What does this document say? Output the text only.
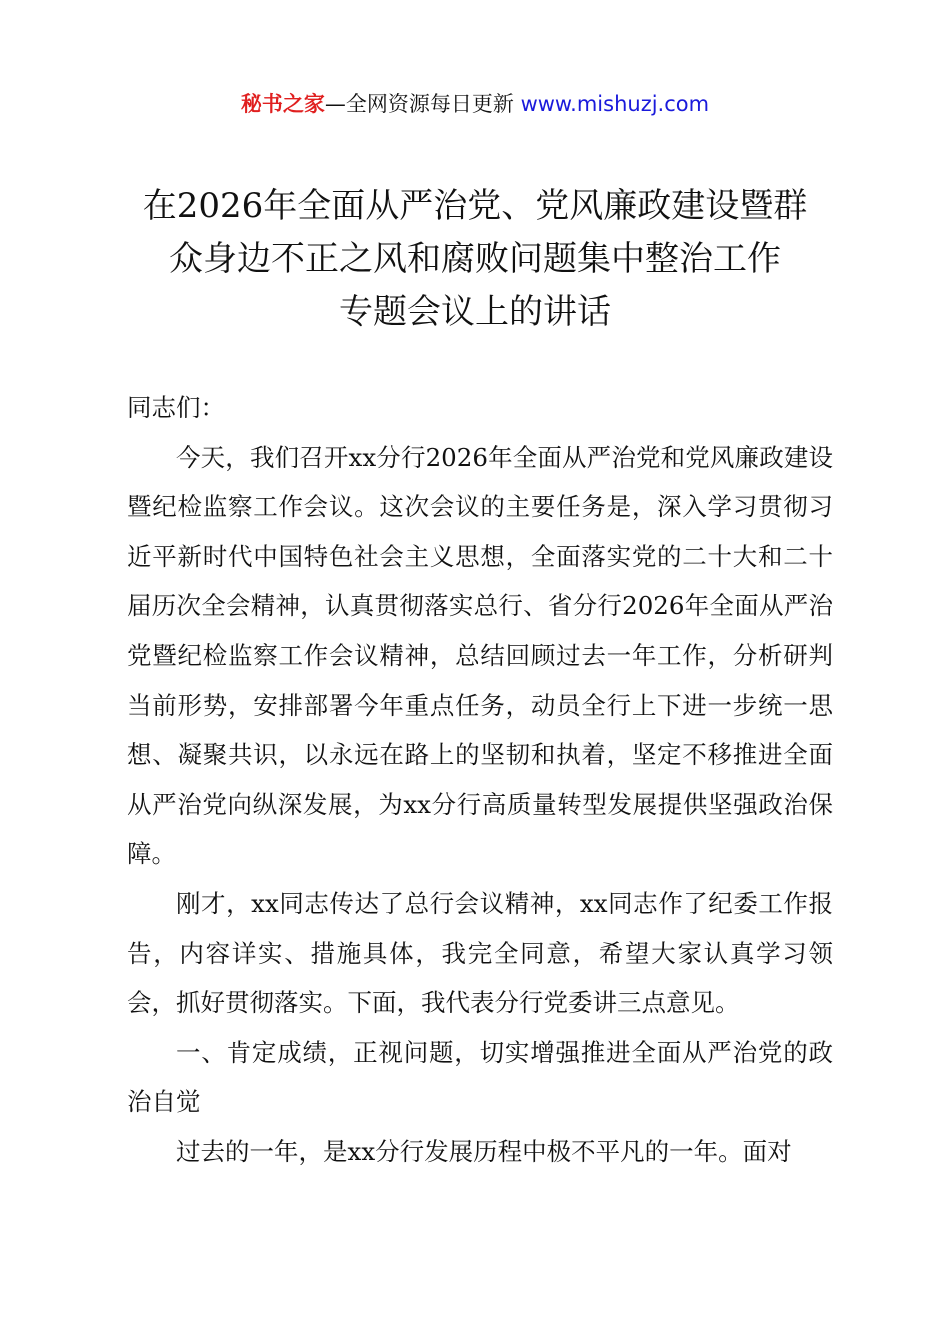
秘书之家—全网资源每日更新 www.mishuzj.com
在2026年全面从严治党、党风廉政建设暨群
众身边不正之风和腐败问题集中整治工作
专题会议上的讲话

同志们：

今天，我们召开xx分行2026年全面从严治党和党风廉政建设暨纪检监察工作会议。这次会议的主要任务是，深入学习贯彻习近平新时代中国特色社会主义思想，全面落实党的二十大和二十届历次全会精神，认真贯彻落实总行、省分行2026年全面从严治党暨纪检监察工作会议精神，总结回顾过去一年工作，分析研判当前形势，安排部署今年重点任务，动员全行上下进一步统一思想、凝聚共识，以永远在路上的坚韧和执着，坚定不移推进全面从严治党向纵深发展，为xx分行高质量转型发展提供坚强政治保障。

刚才，xx同志传达了总行会议精神，xx同志作了纪委工作报告，内容详实、措施具体，我完全同意，希望大家认真学习领会，抓好贯彻落实。下面，我代表分行党委讲三点意见。

一、肯定成绩，正视问题，切实增强推进全面从严治党的政治自觉

过去的一年，是xx分行发展历程中极不平凡的一年。面对
